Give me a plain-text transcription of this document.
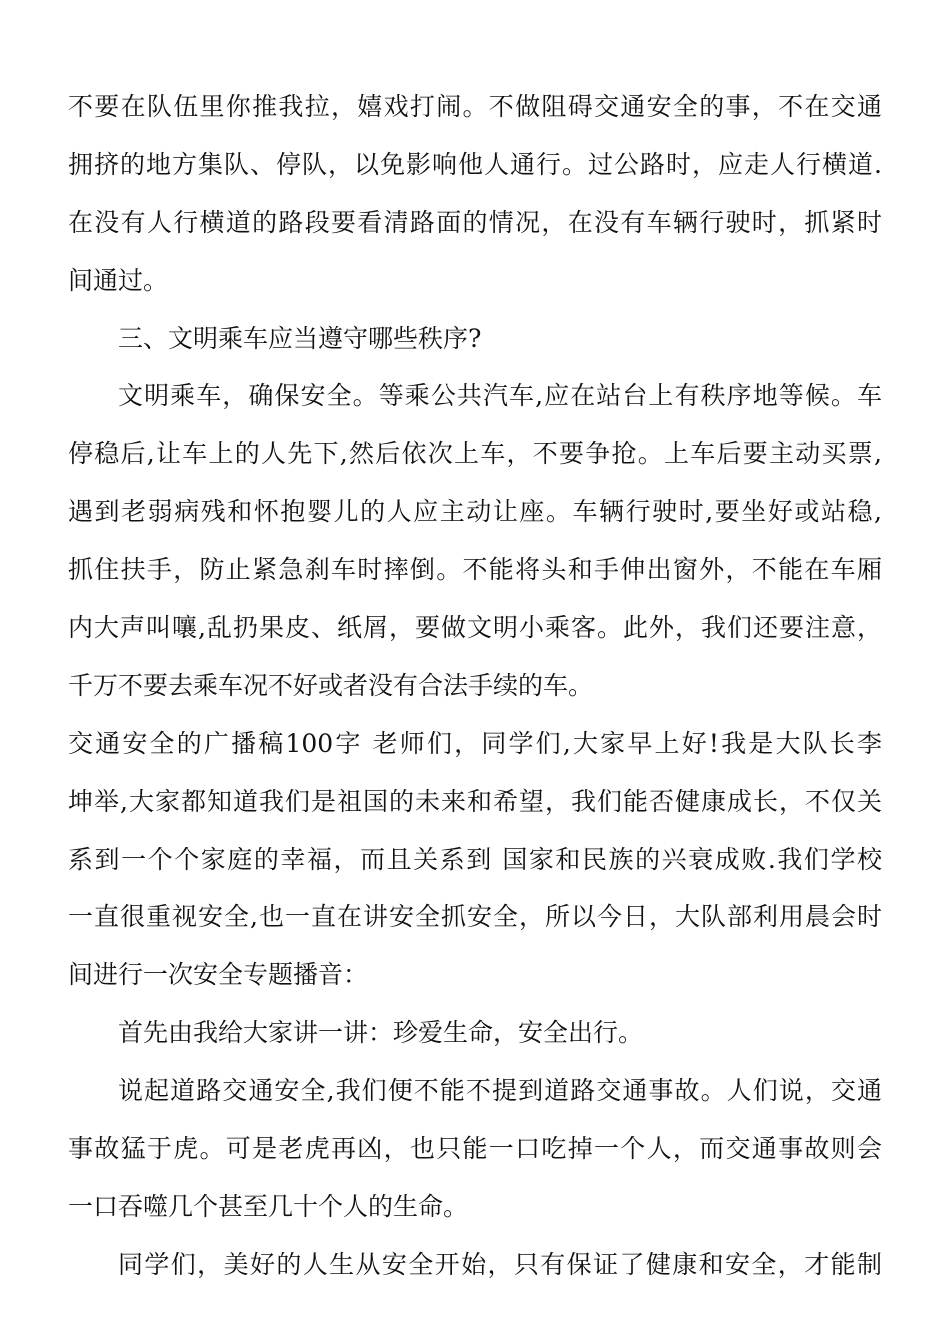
不要在队伍里你推我拉，嬉戏打闹。不做阻碍交通安全的事，不在交通
拥挤的地方集队、停队，以免影响他人通行。过公路时，应走人行横道.
在没有人行横道的路段要看清路面的情况，在没有车辆行驶时，抓紧时
间通过。
三、文明乘车应当遵守哪些秩序?
文明乘车，确保安全。等乘公共汽车,应在站台上有秩序地等候。车
停稳后,让车上的人先下,然后依次上车，不要争抢。上车后要主动买票,
遇到老弱病残和怀抱婴儿的人应主动让座。车辆行驶时,要坐好或站稳,
抓住扶手，防止紧急刹车时摔倒。不能将头和手伸出窗外，不能在车厢
内大声叫嚷,乱扔果皮、纸屑，要做文明小乘客。此外，我们还要注意，
千万不要去乘车况不好或者没有合法手续的车。
交通安全的广播稿100字 老师们，同学们,大家早上好!我是大队长李
坤举,大家都知道我们是祖国的未来和希望，我们能否健康成长，不仅关
系到一个个家庭的幸福，而且关系到 国家和民族的兴衰成败.我们学校
一直很重视安全,也一直在讲安全抓安全，所以今日，大队部利用晨会时
间进行一次安全专题播音：
首先由我给大家讲一讲：珍爱生命，安全出行。
说起道路交通安全,我们便不能不提到道路交通事故。人们说，交通
事故猛于虎。可是老虎再凶，也只能一口吃掉一个人，而交通事故则会
一口吞噬几个甚至几十个人的生命。
同学们，美好的人生从安全开始，只有保证了健康和安全，才能制
